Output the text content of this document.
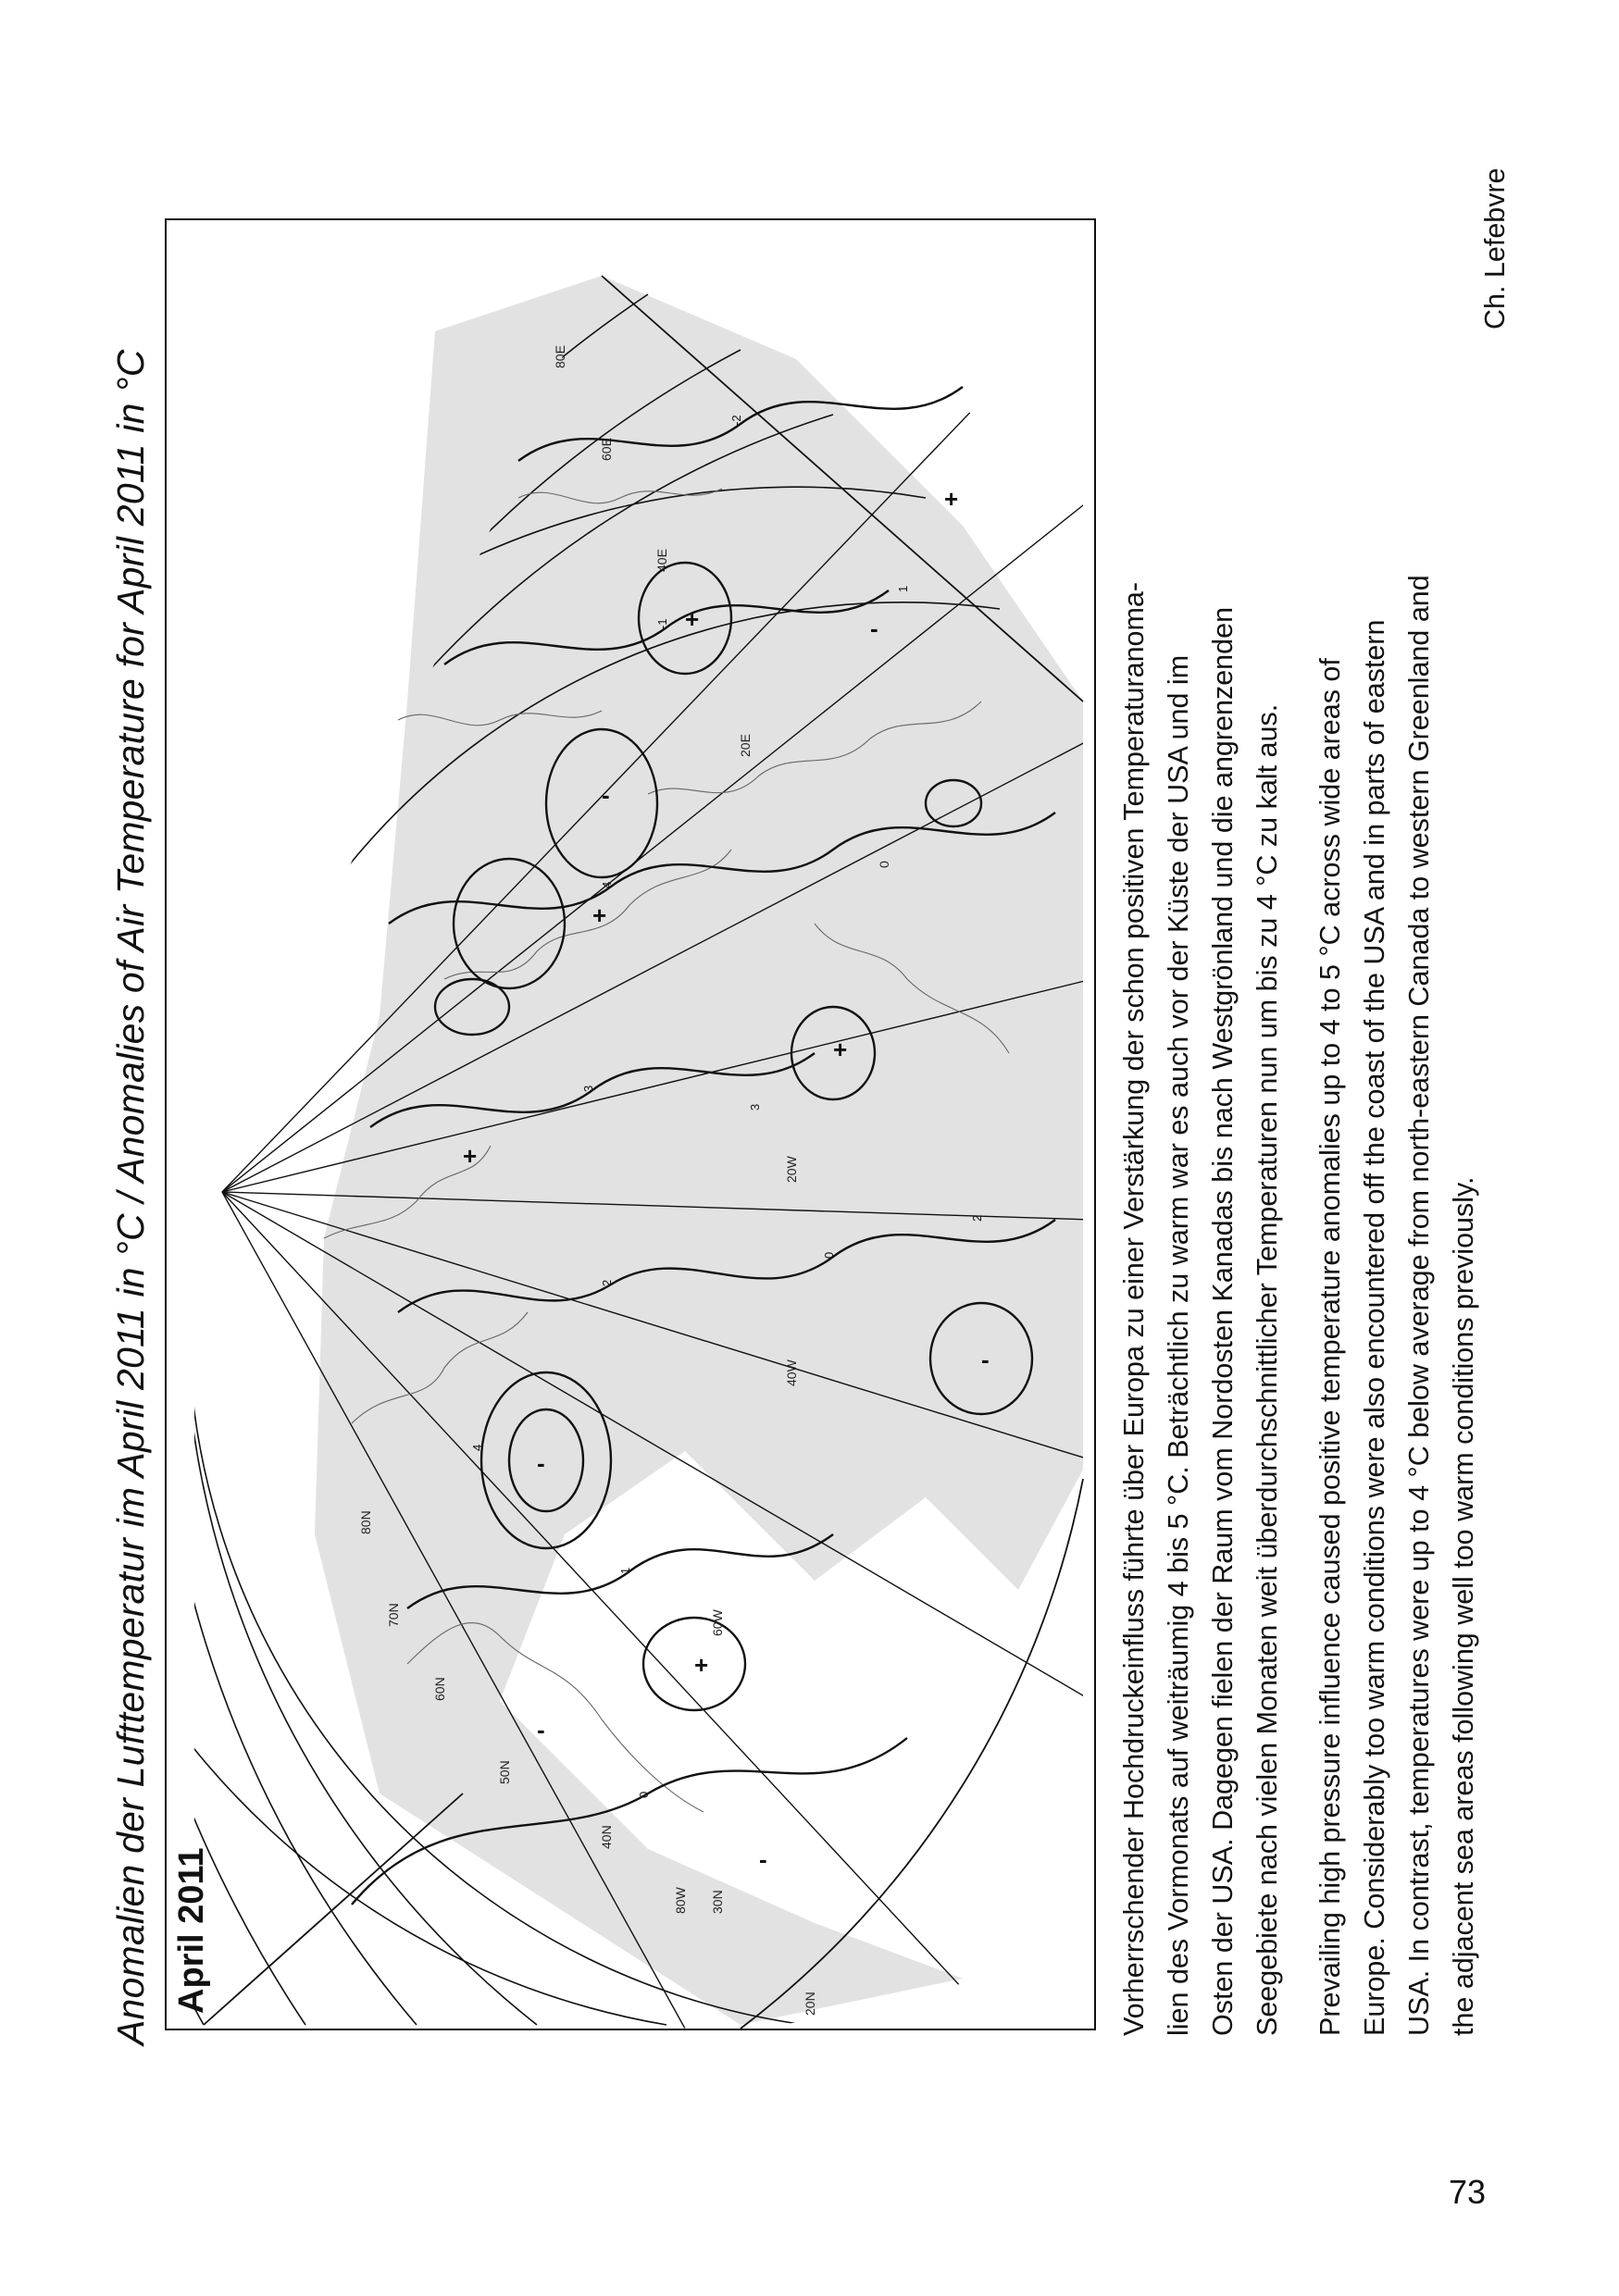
Anomalien der Lufttemperatur im April 2011 in °C / Anomalies of Air Temperature for April 2011 in °C	-
+
+
+
-
-
+
-
-
-
+
+
20N
30N
40N
50N
60N
70N
80N
80W
60W
40W
20W
0
20E
40E
60E
80E
0
1
2
3
4
-1
-2
0
1
2
3
4
April 2011	Vorherrschender Hochdruckeinfluss führte über Europa zu einer Verstärkung der schon positiven Temperaturanoma- lien des Vormonats auf weiträumig 4 bis 5 °C. Beträchtlich zu warm war es auch vor der Küste der USA und im Osten der USA. Dagegen fielen der Raum vom Nordosten Kanadas bis nach Westgrönland und die angrenzenden Seegebiete nach vielen Monaten weit überdurchschnittlicher Temperaturen nun um bis zu 4 °C zu kalt aus. Prevailing high pressure influence caused positive temperature anomalies up to 4 to 5 °C across wide areas of Europe. Considerably too warm conditions were also encountered off the coast of the USA and in parts of eastern USA. In contrast, temperatures were up to 4 °C below average from north-eastern Canada to western Greenland and the adjacent sea areas following well too warm conditions previously.
Ch. Lefebvre
73
